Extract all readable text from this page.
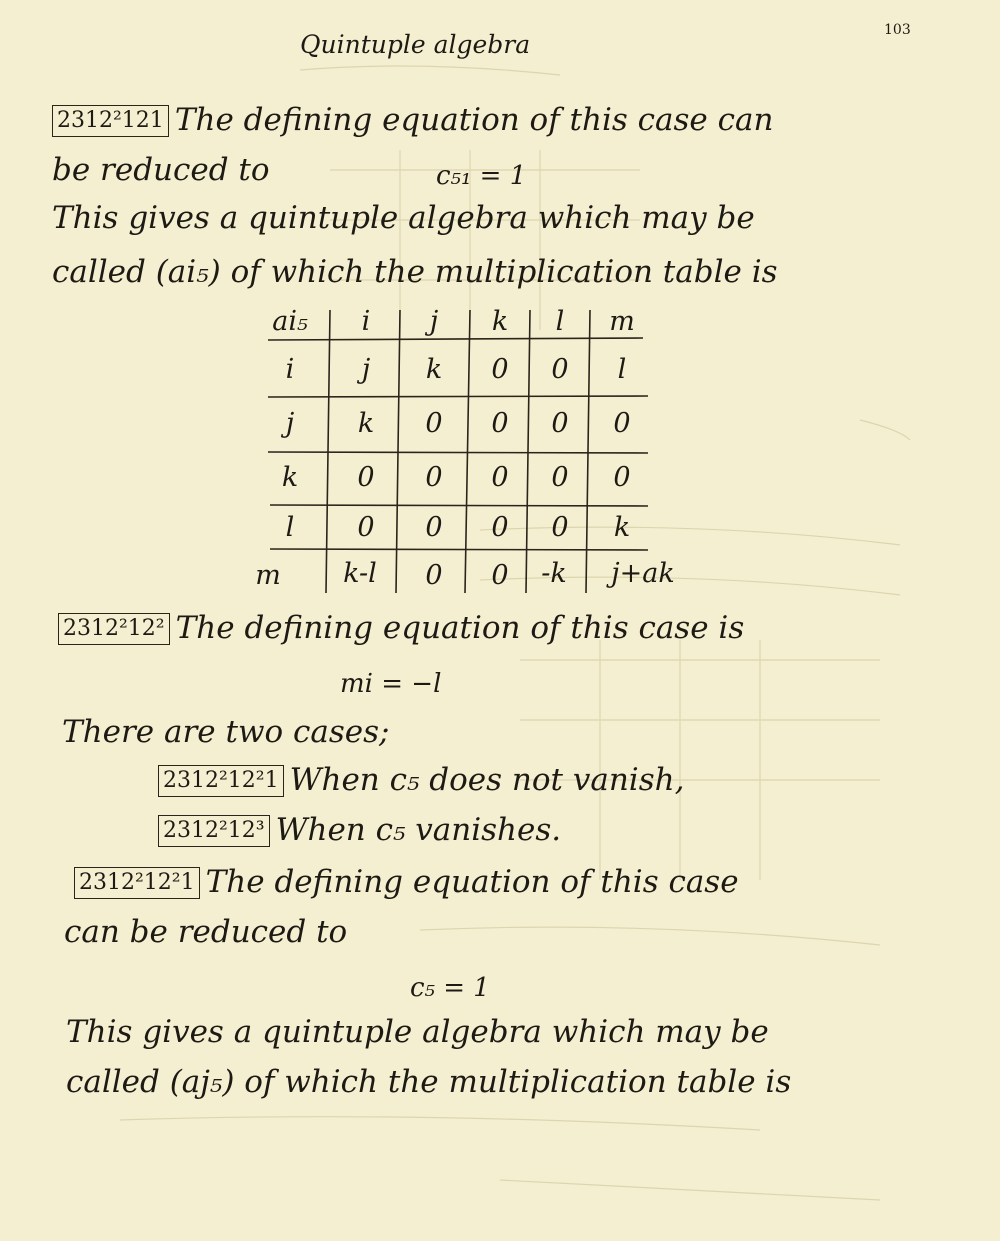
103
Quintuple algebra
2312²121 The defining equation of this case can
be reduced to	c₅₁ = 1
This gives a quintuple algebra which may be
called (ai₅) of which the multiplication table is
ai₅	i	j	k	l	m
i	j	k	0	0	l
j	k	0	0	0	0
k	0	0	0	0	0
l	0	0	0	0	k
m	k-l	0	0	-k	j+ak
2312²12² The defining equation of this case is
mi = −l
There are two cases;
2312²12²1 When c₅ does not vanish,
2312²12³ When c₅ vanishes.
2312²12²1 The defining equation of this case
can be reduced to
c₅ = 1
This gives a quintuple algebra which may be
called (aj₅) of which the multiplication table is
